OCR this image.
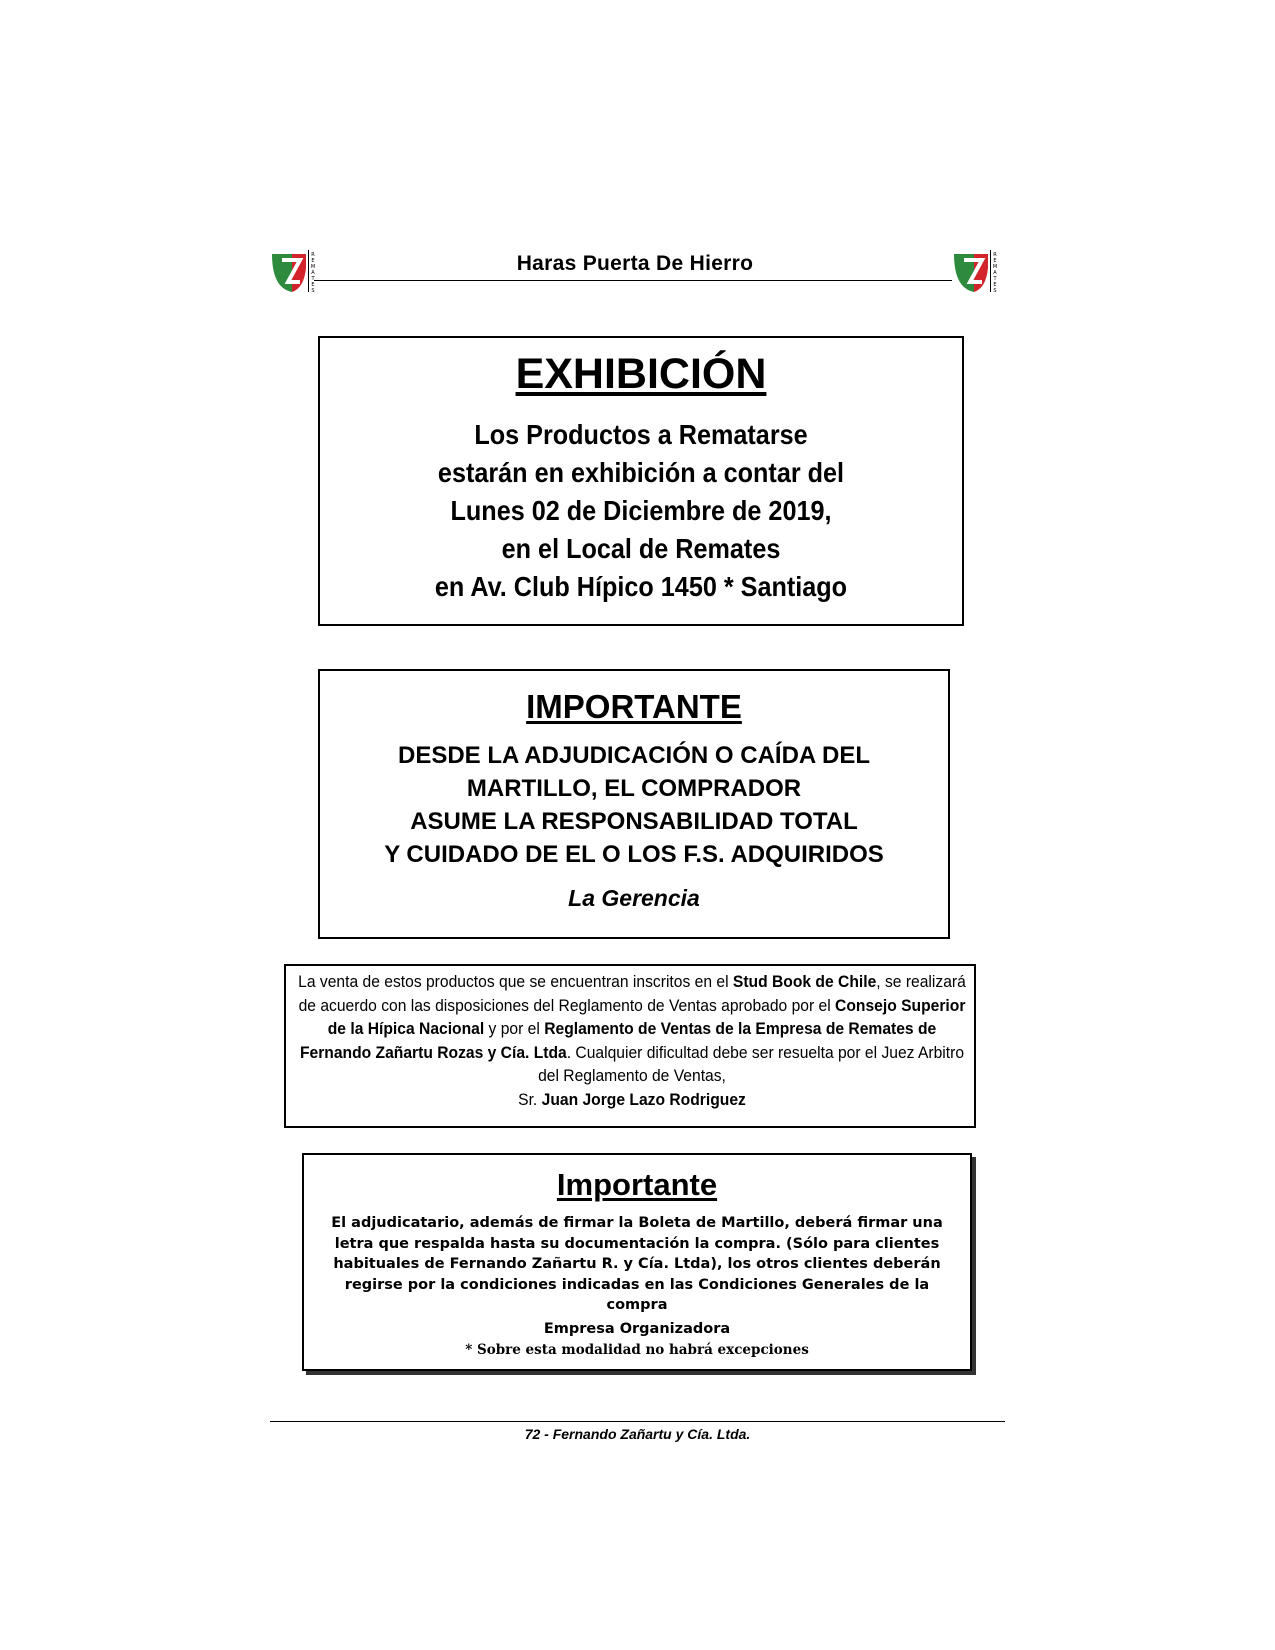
R
E
M
A
T
E
S
Haras Puerta De Hierro	R
E
M
A
T
E
S
EXHIBICIÓN
Los Productos a Rematarse
estarán en exhibición a contar del
Lunes 02 de Diciembre de 2019,
en el Local de Remates
en Av. Club Hípico 1450 * Santiago
IMPORTANTE
DESDE LA ADJUDICACIÓN O CAÍDA DEL
MARTILLO, EL COMPRADOR
ASUME LA RESPONSABILIDAD TOTAL
Y CUIDADO DE EL O LOS F.S. ADQUIRIDOS
La Gerencia
La venta de estos productos que se encuentran inscritos en el Stud Book de Chile, se realizará de acuerdo con las disposiciones del Reglamento de Ventas aprobado por el Consejo Superior de la Hípica Nacional y por el Reglamento de Ventas de la Empresa de Remates de Fernando Zañartu Rozas y Cía. Ltda. Cualquier dificultad debe ser resuelta por el Juez Arbitro del Reglamento de Ventas,
Sr. Juan Jorge Lazo Rodriguez
Importante
El adjudicatario, además de firmar la Boleta de Martillo, deberá firmar una letra que respalda hasta su documentación la compra. (Sólo para clientes habituales de Fernando Zañartu R. y Cía. Ltda), los otros clientes deberán regirse por la condiciones indicadas en las Condiciones Generales de la compra
Empresa Organizadora
* Sobre esta modalidad no habrá excepciones
72 - Fernando Zañartu y Cía. Ltda.
